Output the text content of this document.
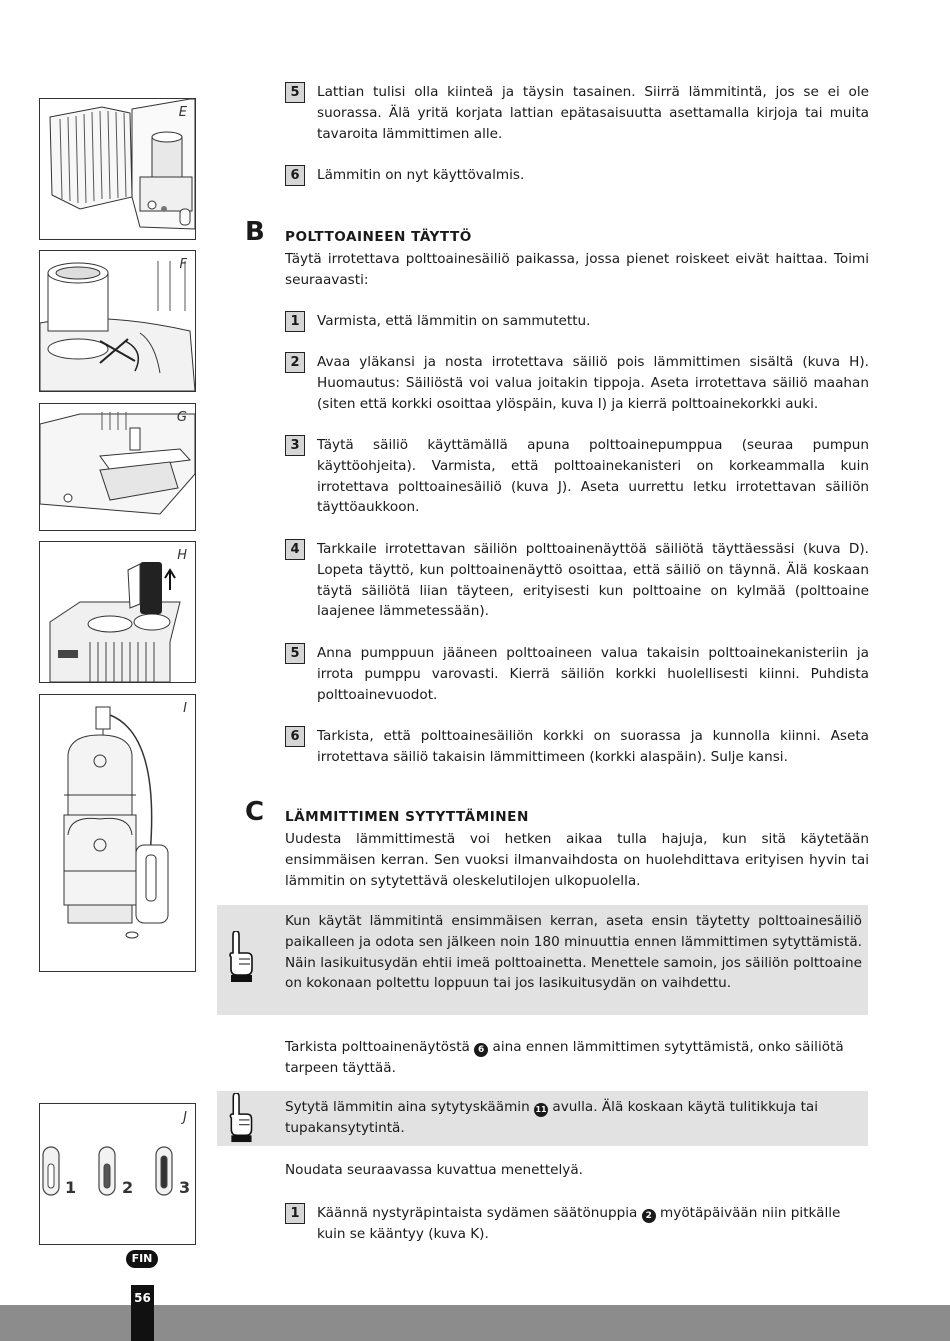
E
F
G
H
I
J
1	2	3
5	Lattian tulisi olla kiinteä ja täysin tasainen. Siirrä lämmitintä, jos se ei ole suorassa. Älä yritä korjata lattian epätasaisuutta asettamalla kirjoja tai muita tavaroita lämmittimen alle.
6	Lämmitin on nyt käyttövalmis.
B POLTTOAINEEN TÄYTTÖ
Täytä irrotettava polttoainesäiliö paikassa, jossa pienet roiskeet eivät haittaa. Toimi seuraavasti:
1	Varmista, että lämmitin on sammutettu.
2	Avaa yläkansi ja nosta irrotettava säiliö pois lämmittimen sisältä (kuva H). Huomautus: Säiliöstä voi valua joitakin tippoja. Aseta irrotettava säiliö maahan (siten että korkki osoittaa ylöspäin, kuva I) ja kierrä polttoainekorkki auki.
3	Täytä säiliö käyttämällä apuna polttoainepumppua (seuraa pumpun käyttöohjeita). Varmista, että polttoainekanisteri on korkeammalla kuin irrotettava polttoainesäiliö (kuva J). Aseta uurrettu letku irrotettavan säiliön täyttöaukkoon.
4	Tarkkaile irrotettavan säiliön polttoainenäyttöä säiliötä täyttäessäsi (kuva D). Lopeta täyttö, kun polttoainenäyttö osoittaa, että säiliö on täynnä. Älä koskaan täytä säiliötä liian täyteen, erityisesti kun polttoaine on kylmää (polttoaine laajenee lämmetessään).
5	Anna pumppuun jääneen polttoaineen valua takaisin polttoainekanisteriin ja irrota pumppu varovasti. Kierrä säiliön korkki huolellisesti kiinni. Puhdista polttoainevuodot.
6	Tarkista, että polttoainesäiliön korkki on suorassa ja kunnolla kiinni. Aseta irrotettava säiliö takaisin lämmittimeen (korkki alaspäin). Sulje kansi.
C LÄMMITTIMEN SYTYTTÄMINEN
Uudesta lämmittimestä voi hetken aikaa tulla hajuja, kun sitä käytetään ensimmäisen kerran. Sen vuoksi ilmanvaihdosta on huolehdittava erityisen hyvin tai lämmitin on sytytettävä oleskelutilojen ulkopuolella.
Kun käytät lämmitintä ensimmäisen kerran, aseta ensin täytetty polttoainesäiliö paikalleen ja odota sen jälkeen noin 180 minuuttia ennen lämmittimen sytyttämistä. Näin lasikuitusydän ehtii imeä polttoainetta. Menettele samoin, jos säiliön polttoaine on kokonaan poltettu loppuun tai jos lasikuitusydän on vaihdettu.
Tarkista polttoainenäytöstä 6 aina ennen lämmittimen sytyttämistä, onko säiliötä tarpeen täyttää.
Sytytä lämmitin aina sytytyskäämin 11 avulla. Älä koskaan käytä tulitikkuja tai tupakansytytintä.
Noudata seuraavassa kuvattua menettelyä.
1	Käännä nystyräpintaista sydämen säätönuppia 2 myötäpäivään niin pitkälle kuin se kääntyy (kuva K).
56
FIN
